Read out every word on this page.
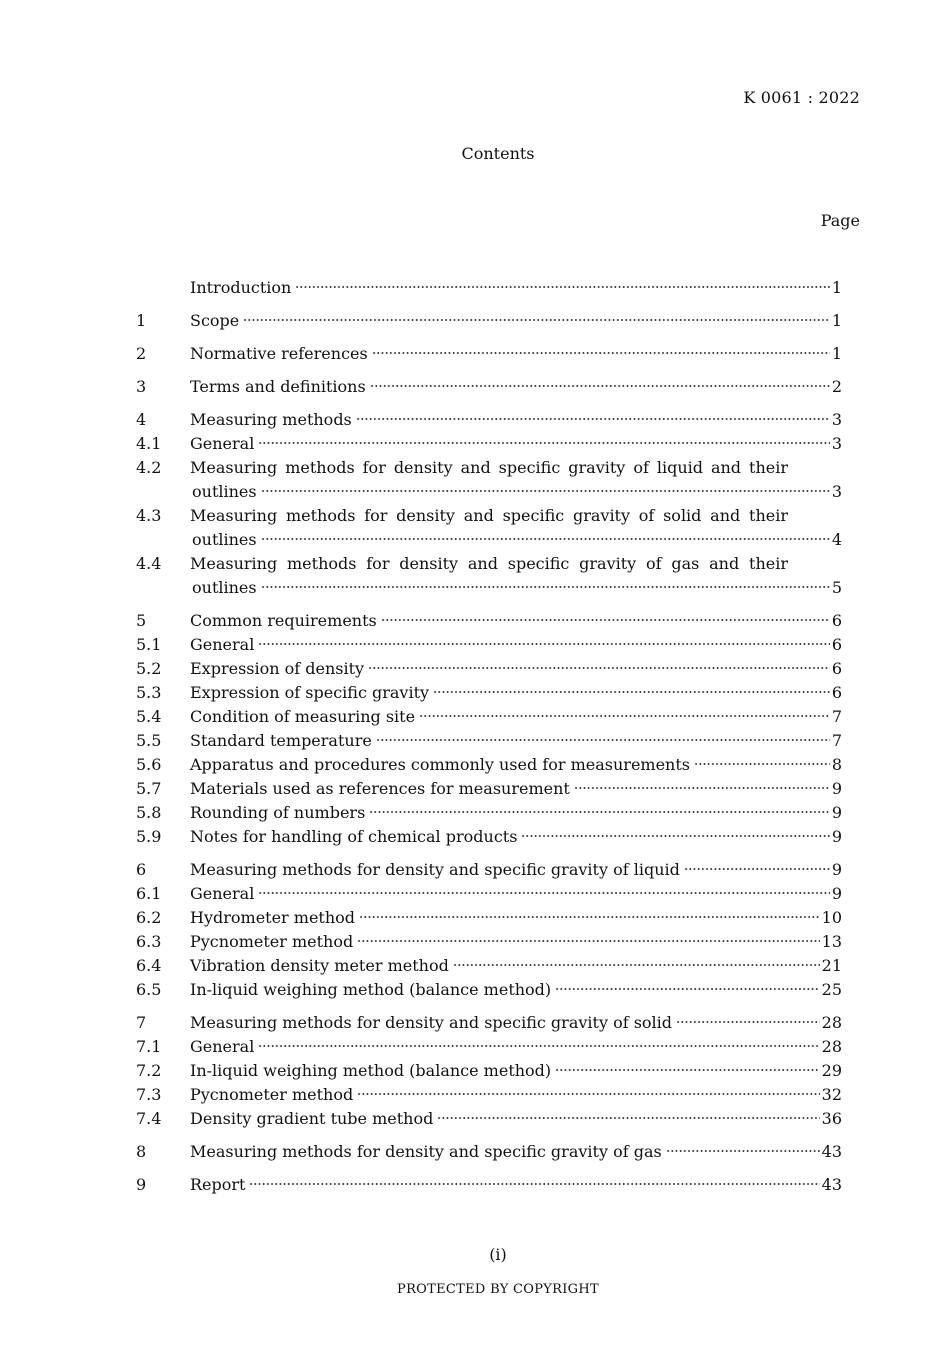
K 0061 : 2022
Contents
Page
Introduction	1
1	Scope	1
2	Normative references	1
3	Terms and definitions	2
4	Measuring methods	3
4.1	General	3
4.2	Measuring methods for density and specific gravity of liquid and their
outlines	3
4.3	Measuring methods for density and specific gravity of solid and their
outlines	4
4.4	Measuring methods for density and specific gravity of gas and their
outlines	5
5	Common requirements	6
5.1	General	6
5.2	Expression of density	6
5.3	Expression of specific gravity	6
5.4	Condition of measuring site	7
5.5	Standard temperature	7
5.6	Apparatus and procedures commonly used for measurements	8
5.7	Materials used as references for measurement	9
5.8	Rounding of numbers	9
5.9	Notes for handling of chemical products	9
6	Measuring methods for density and specific gravity of liquid	9
6.1	General	9
6.2	Hydrometer method	10
6.3	Pycnometer method	13
6.4	Vibration density meter method	21
6.5	In-liquid weighing method (balance method)	25
7	Measuring methods for density and specific gravity of solid	28
7.1	General	28
7.2	In-liquid weighing method (balance method)	29
7.3	Pycnometer method	32
7.4	Density gradient tube method	36
8	Measuring methods for density and specific gravity of gas	43
9	Report	43
(i)
PROTECTED BY COPYRIGHT
